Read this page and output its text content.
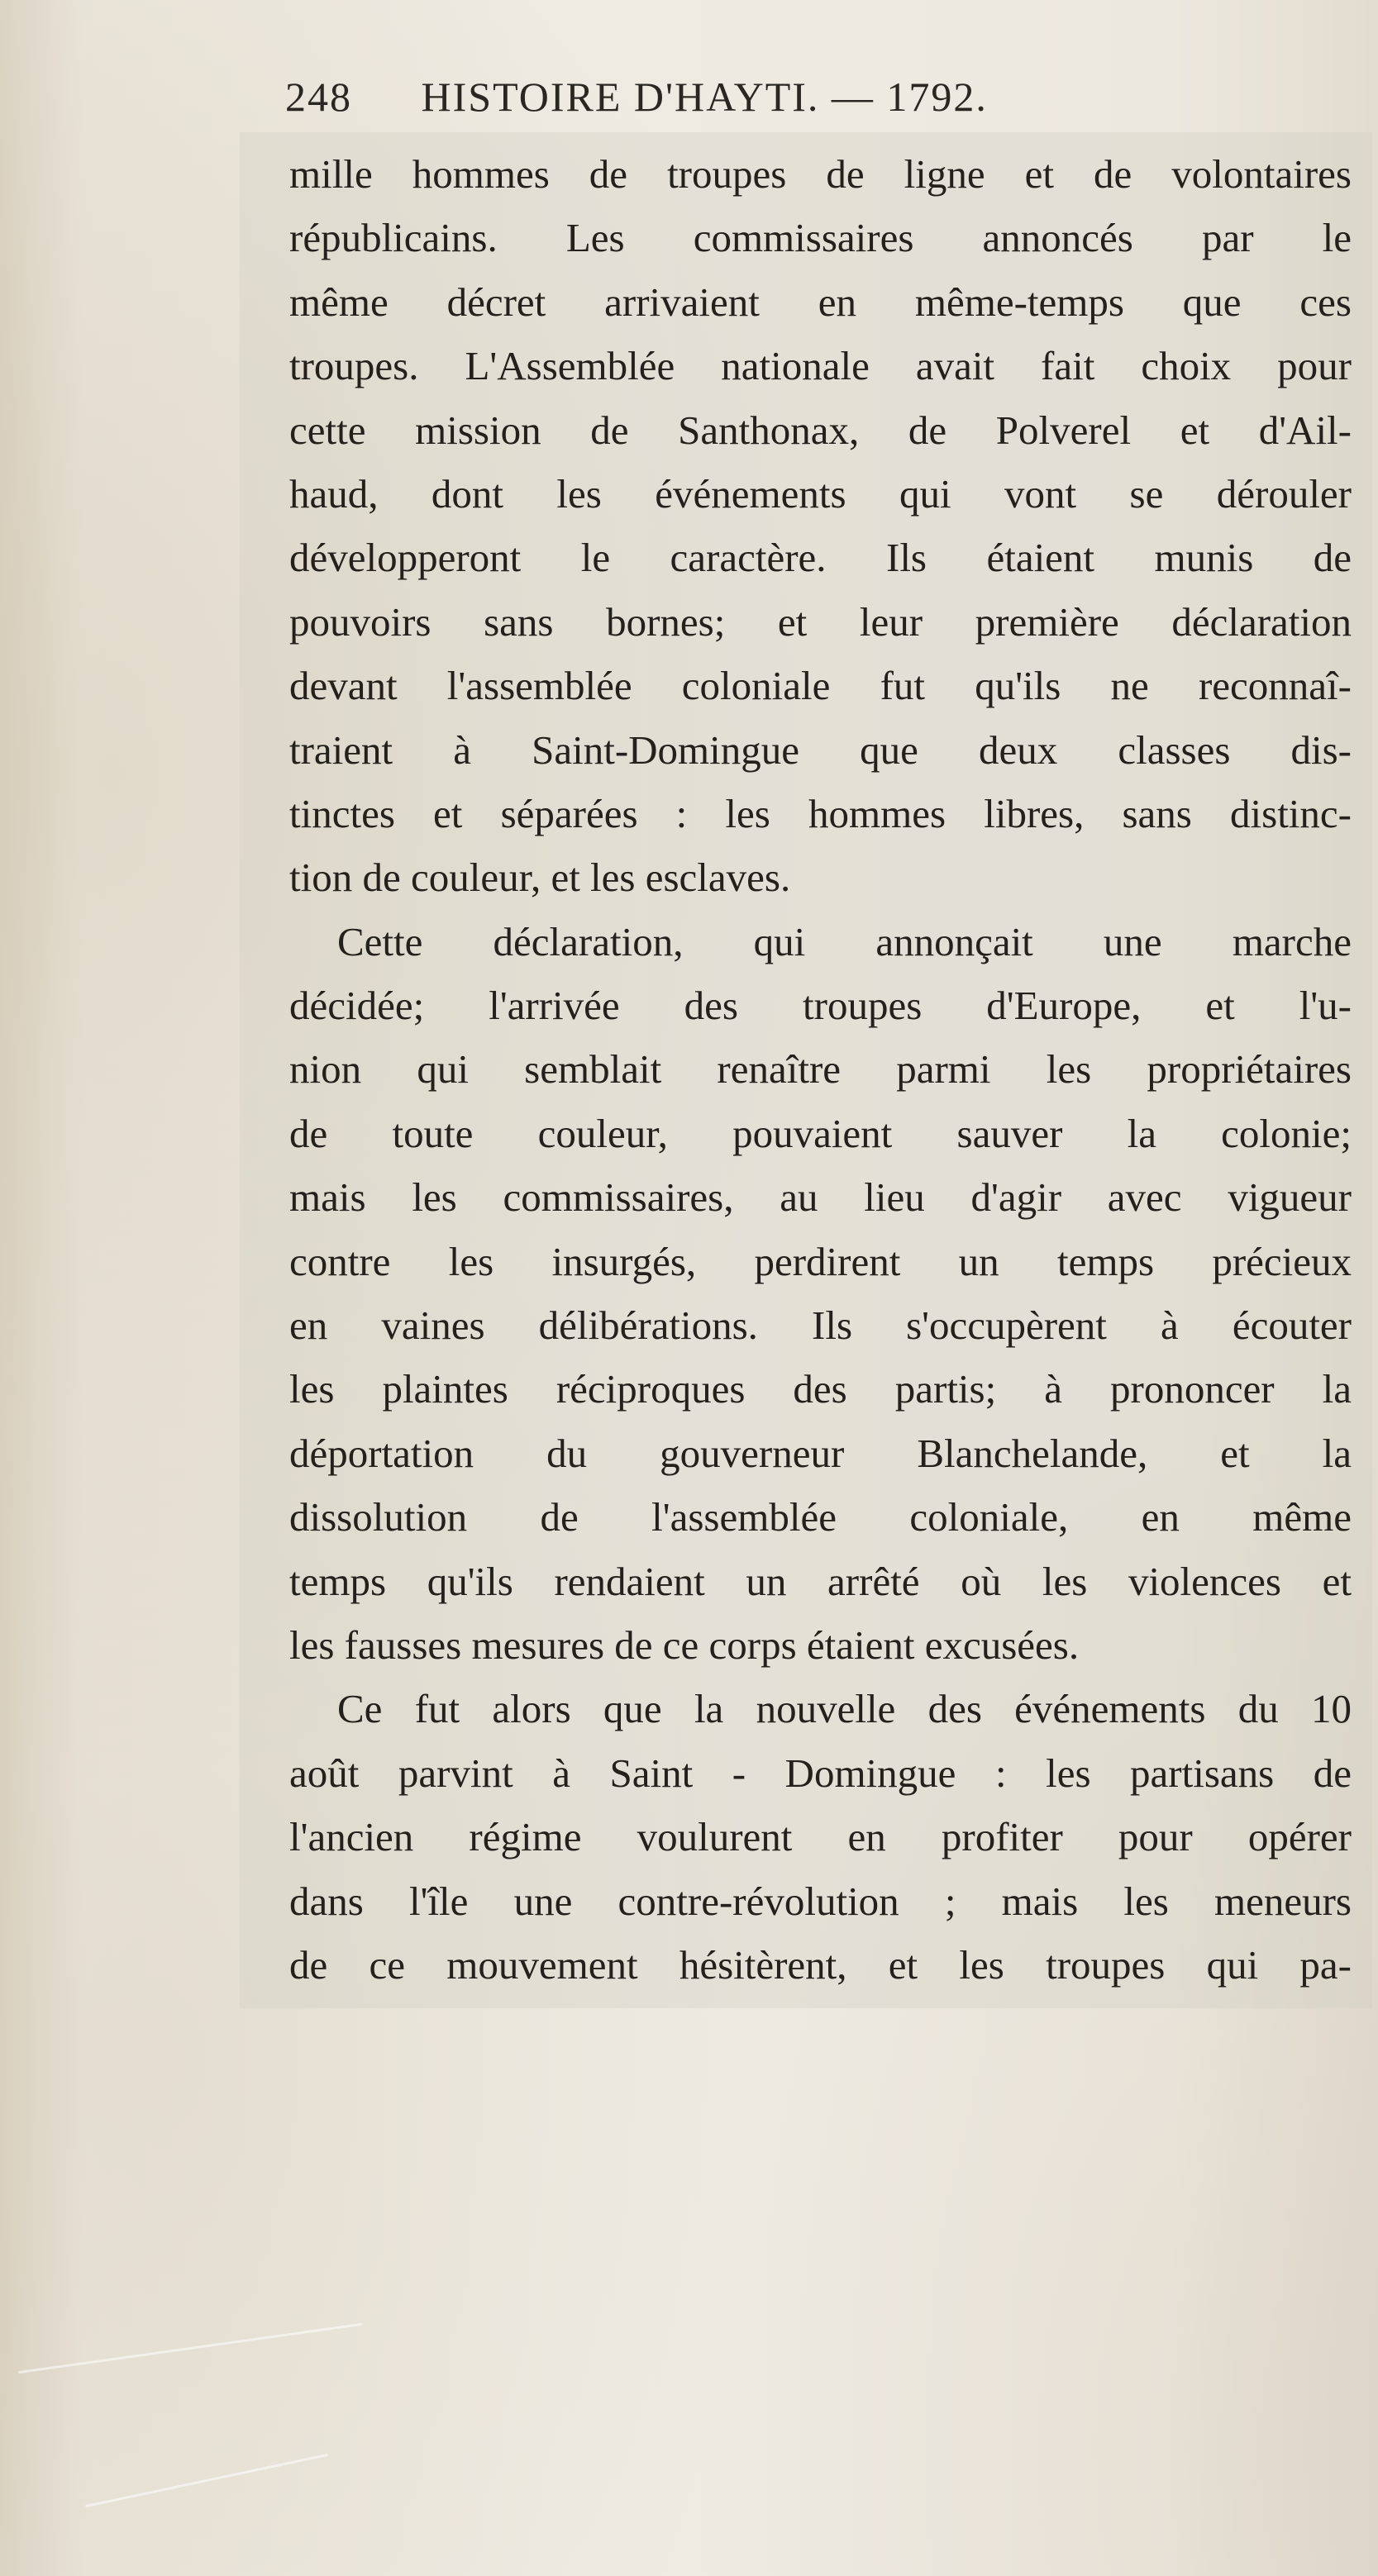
248 HISTOIRE D'HAYTI. — 1792.
mille hommes de troupes de ligne et de volontaires
républicains. Les commissaires annoncés par le
même décret arrivaient en même-temps que ces
troupes. L'Assemblée nationale avait fait choix pour
cette mission de Santhonax, de Polverel et d'Ail-
haud, dont les événements qui vont se dérouler
développeront le caractère. Ils étaient munis de
pouvoirs sans bornes; et leur première déclaration
devant l'assemblée coloniale fut qu'ils ne reconnaî-
traient à Saint-Domingue que deux classes dis-
tinctes et séparées : les hommes libres, sans distinc-
tion de couleur, et les esclaves.
Cette déclaration, qui annonçait une marche
décidée; l'arrivée des troupes d'Europe, et l'u-
nion qui semblait renaître parmi les propriétaires
de toute couleur, pouvaient sauver la colonie;
mais les commissaires, au lieu d'agir avec vigueur
contre les insurgés, perdirent un temps précieux
en vaines délibérations. Ils s'occupèrent à écouter
les plaintes réciproques des partis; à prononcer la
déportation du gouverneur Blanchelande, et la
dissolution de l'assemblée coloniale, en même
temps qu'ils rendaient un arrêté où les violences et
les fausses mesures de ce corps étaient excusées.
Ce fut alors que la nouvelle des événements du 10
août parvint à Saint - Domingue : les partisans de
l'ancien régime voulurent en profiter pour opérer
dans l'île une contre-révolution ; mais les meneurs
de ce mouvement hésitèrent, et les troupes qui pa-
